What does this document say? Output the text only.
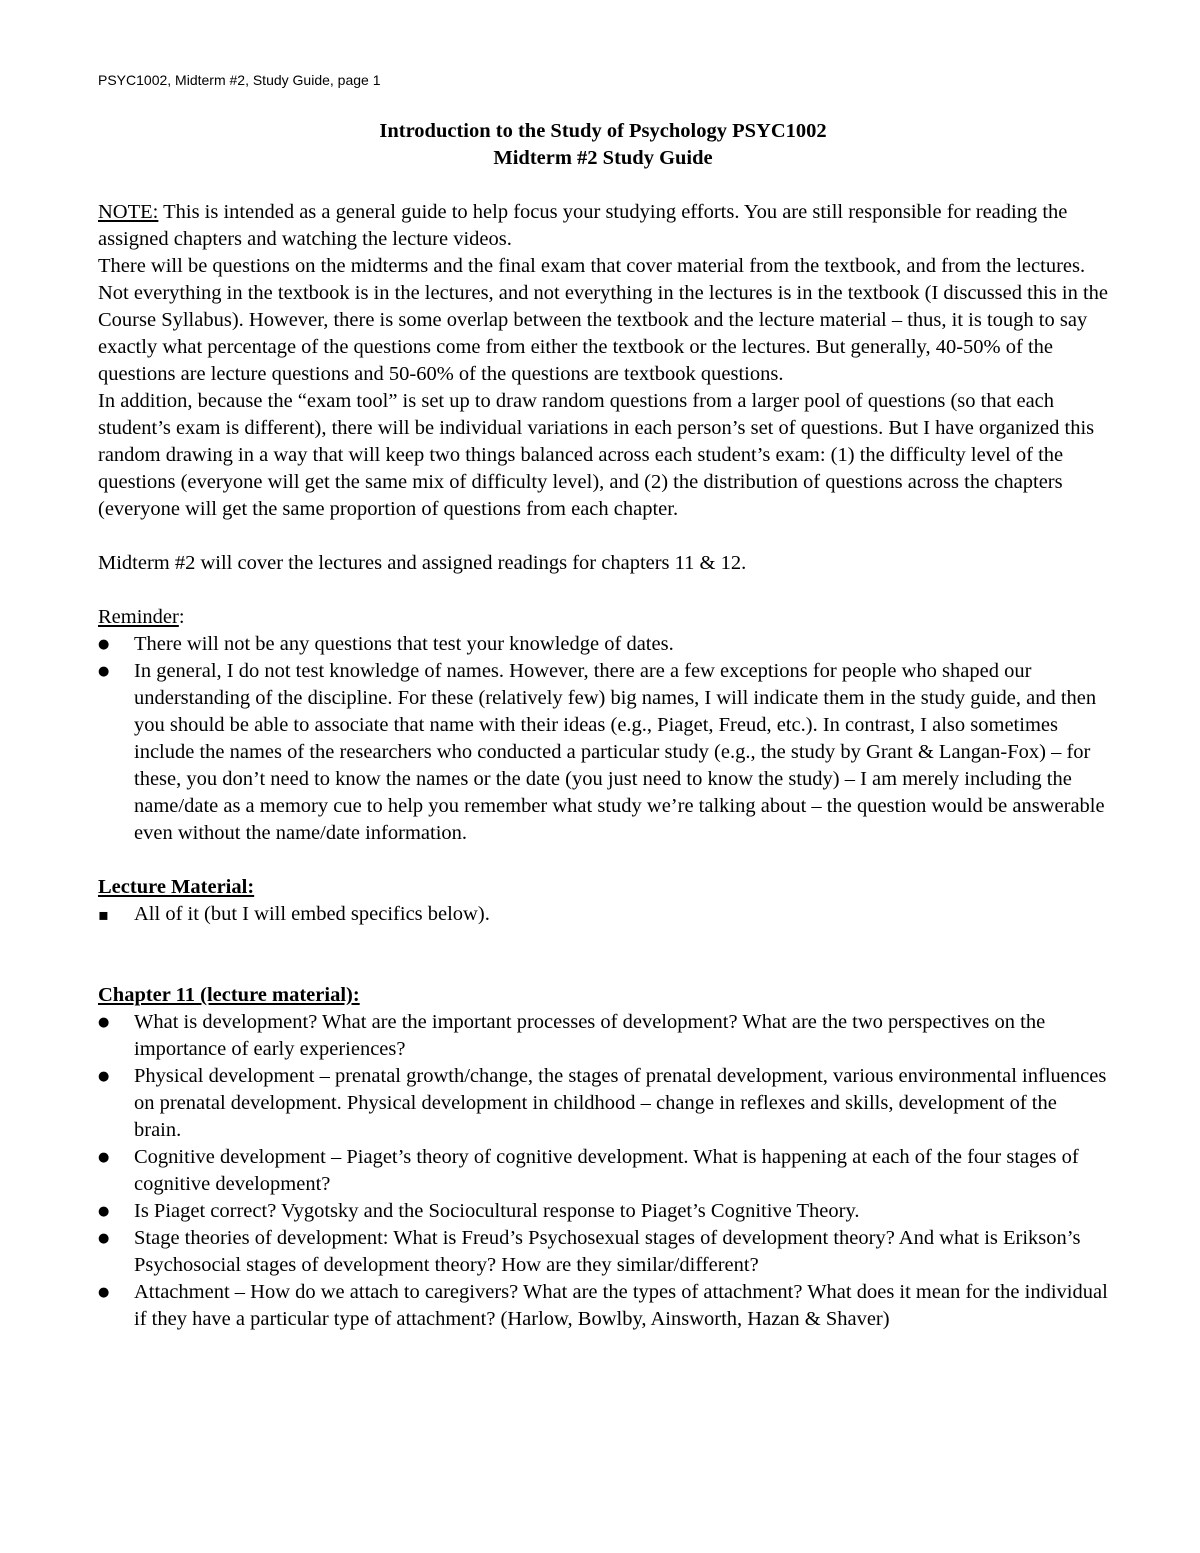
PSYC1002, Midterm #2, Study Guide, page 1
Introduction to the Study of Psychology PSYC1002
Midterm #2 Study Guide

NOTE: This is intended as a general guide to help focus your studying efforts. You are still responsible for reading the assigned chapters and watching the lecture videos.

There will be questions on the midterms and the final exam that cover material from the textbook, and from the lectures. Not everything in the textbook is in the lectures, and not everything in the lectures is in the textbook (I discussed this in the Course Syllabus). However, there is some overlap between the textbook and the lecture material – thus, it is tough to say exactly what percentage of the questions come from either the textbook or the lectures. But generally, 40-50% of the questions are lecture questions and 50-60% of the questions are textbook questions.

In addition, because the “exam tool” is set up to draw random questions from a larger pool of questions (so that each student’s exam is different), there will be individual variations in each person’s set of questions. But I have organized this random drawing in a way that will keep two things balanced across each student’s exam: (1) the difficulty level of the questions (everyone will get the same mix of difficulty level), and (2) the distribution of questions across the chapters (everyone will get the same proportion of questions from each chapter.

Midterm #2 will cover the lectures and assigned readings for chapters 11 & 12.

Reminder:

● There will not be any questions that test your knowledge of dates.
● In general, I do not test knowledge of names. However, there are a few exceptions for people who shaped our understanding of the discipline. For these (relatively few) big names, I will indicate them in the study guide, and then you should be able to associate that name with their ideas (e.g., Piaget, Freud, etc.). In contrast, I also sometimes include the names of the researchers who conducted a particular study (e.g., the study by Grant & Langan-Fox) – for these, you don’t need to know the names or the date (you just need to know the study) – I am merely including the name/date as a memory cue to help you remember what study we’re talking about – the question would be answerable even without the name/date information.

Lecture Material:

▪ All of it (but I will embed specifics below).

Chapter 11 (lecture material):

● What is development? What are the important processes of development? What are the two perspectives on the importance of early experiences?
● Physical development – prenatal growth/change, the stages of prenatal development, various environmental influences on prenatal development. Physical development in childhood – change in reflexes and skills, development of the brain.
● Cognitive development – Piaget’s theory of cognitive development. What is happening at each of the four stages of cognitive development?
● Is Piaget correct? Vygotsky and the Sociocultural response to Piaget’s Cognitive Theory.
● Stage theories of development: What is Freud’s Psychosexual stages of development theory? And what is Erikson’s Psychosocial stages of development theory? How are they similar/different?
● Attachment – How do we attach to caregivers? What are the types of attachment? What does it mean for the individual if they have a particular type of attachment? (Harlow, Bowlby, Ainsworth, Hazan & Shaver)
